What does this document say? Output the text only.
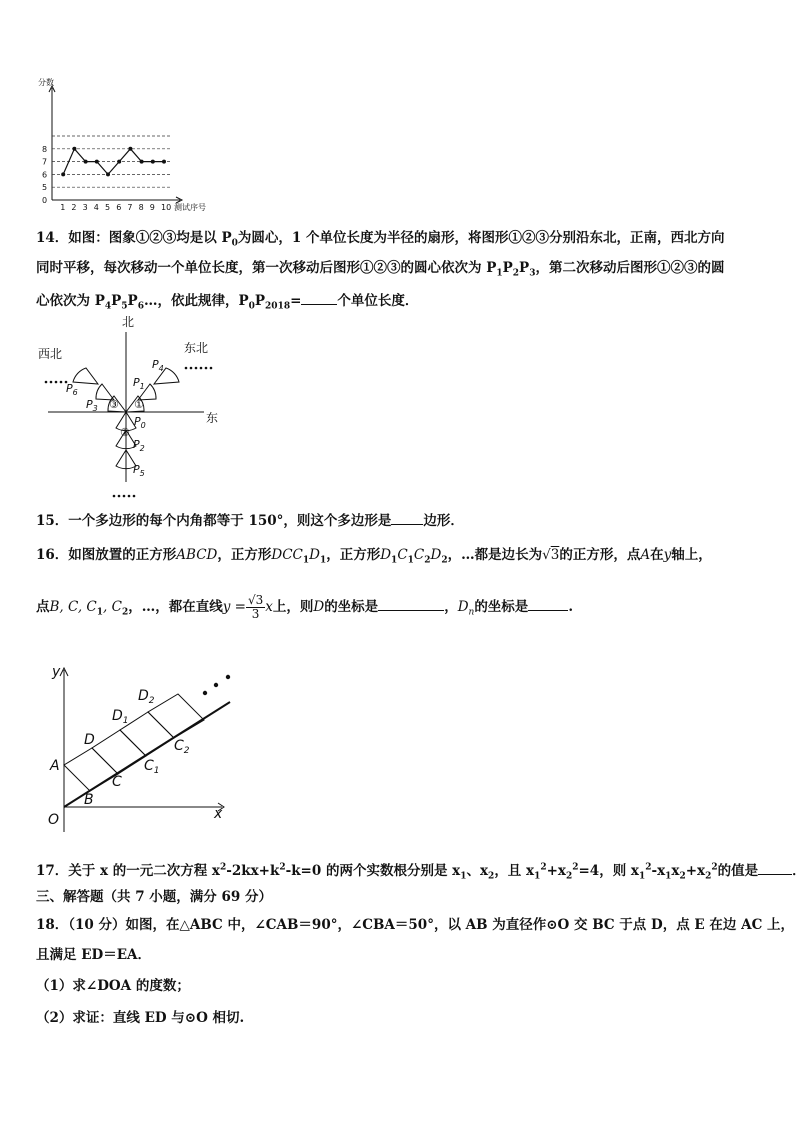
5
6
7
8
分数
0
1 2 3 4 5 6 7 8 9 10 测试序号
14．如图：图象①②③均是以 $P_0$为圆心，1 个单位长度为半径的扇形，将图形①②③分别沿东北，正南，西北方向
同时平移，每次移动一个单位长度，第一次移动后图形①②③的圆心依次为 $P_1P_2P_3$，第二次移动后图形①②③的圆
心依次为 $P_4P_5P_6\dots$，依此规律，$P_0P_{2018}=$	个单位长度．
北
东
东北
西北
$P_0$
$P_1$
$P_2$
$P_3$
$P_4$
$P_5$
$P_6$
①
②
③
15．一个多边形的每个内角都等于 150°，则这个多边形是 边形．
16．如图放置的正方形ABCD，正方形$DCC_1D_1$，正方形$D_1C_1C_2D_2$，…都是边长为√3的正方形，点A在y轴上，
点B, C, $C_1$, $C_2$，…，都在直线$y = \frac{√3}{3}$ x上，则D的坐标是	，$D_n$的坐标是	.
y
x
O
A
B
C
D
$D_1$
$C_1$
$D_2$
$C_2$
17．关于 x 的一元二次方程 $x^2-2kx+k^2-k=0$ 的两个实数根分别是 $x_1$、$x_2$，且 $x_1^2+x_2^2=4$，则 $x_1^2-x_1x_2+x_2^2$的值是	．
三、解答题（共 7 小题，满分 69 分）
18．（10 分）如图，在△ABC 中，∠CAB＝90°，∠CBA＝50°，以 AB 为直径作⊙O 交 BC 于点 D，点 E 在边 AC 上，
且满足 ED＝EA．
（1）求∠DOA 的度数；
（2）求证：直线 ED 与⊙O 相切.
